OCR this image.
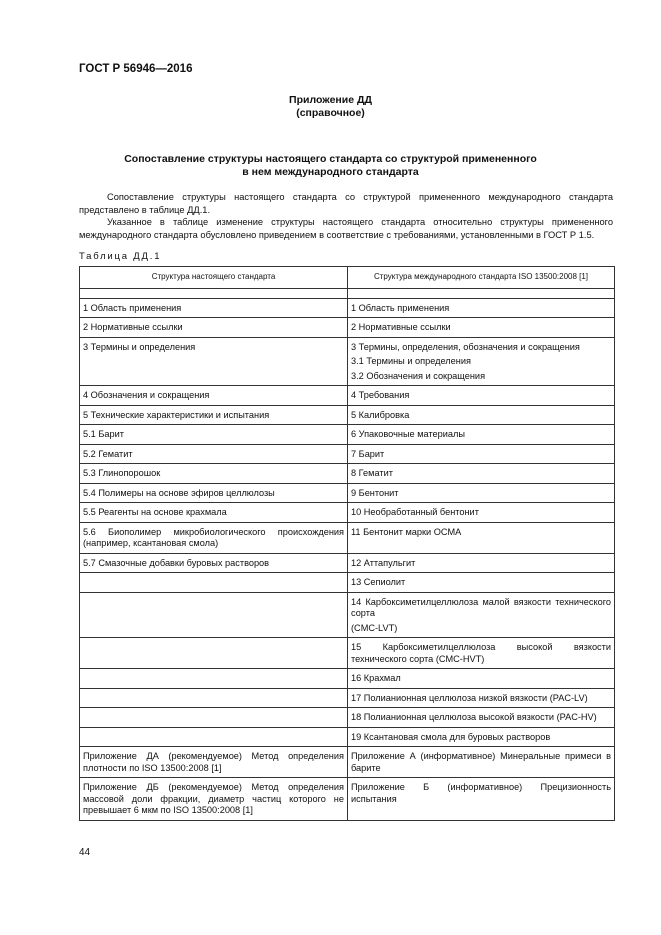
ГОСТ Р 56946—2016
Приложение ДД
(справочное)
Сопоставление структуры настоящего стандарта со структурой примененного
в нем международного стандарта
Сопоставление структуры настоящего стандарта со структурой примененного международного стандарта представлено в таблице ДД.1.
Указанное в таблице изменение структуры настоящего стандарта относительно структуры примененного международного стандарта обусловлено приведением в соответствие с требованиями, установленными в ГОСТ Р 1.5.
Таблица ДД.1
Структура настоящего стандарта	Структура международного стандарта ISO 13500:2008 [1]

1 Область применения	1 Область применения

2 Нормативные ссылки	2 Нормативные ссылки

3 Термины и определения	3 Термины, определения, обозначения и сокращения
3.1 Термины и определения
3.2 Обозначения и сокращения

4 Обозначения и сокращения	4 Требования

5 Технические характеристики и испытания	5 Калибровка

5.1 Барит	6 Упаковочные материалы

5.2 Гематит	7 Барит

5.3 Глинопорошок	8 Гематит

5.4 Полимеры на основе эфиров целлюлозы	9 Бентонит

5.5 Реагенты на основе крахмала	10 Необработанный бентонит

5.6 Биополимер микробиологического происхождения (например, ксантановая смола)	11 Бентонит марки OCMA

5.7 Смазочные добавки буровых растворов	12 Аттапульгит

	13 Сепиолит

	14 Карбоксиметилцеллюлоза малой вязкости технического сорта
(CMC-LVT)

	15 Карбоксиметилцеллюлоза высокой вязкости технического сорта (CMC-HVT)

	16 Крахмал

	17 Полианионная целлюлоза низкой вязкости (PAC-LV)

	18 Полианионная целлюлоза высокой вязкости (PAC-HV)

	19 Ксантановая смола для буровых растворов

Приложение ДА (рекомендуемое) Метод определения плотности по ISO 13500:2008 [1]	Приложение А (информативное) Минеральные примеси в барите

Приложение ДБ (рекомендуемое) Метод определения массовой доли фракции, диаметр частиц которого не превышает 6 мкм по ISO 13500:2008 [1]	Приложение Б (информативное) Прецизионность испытания
44
